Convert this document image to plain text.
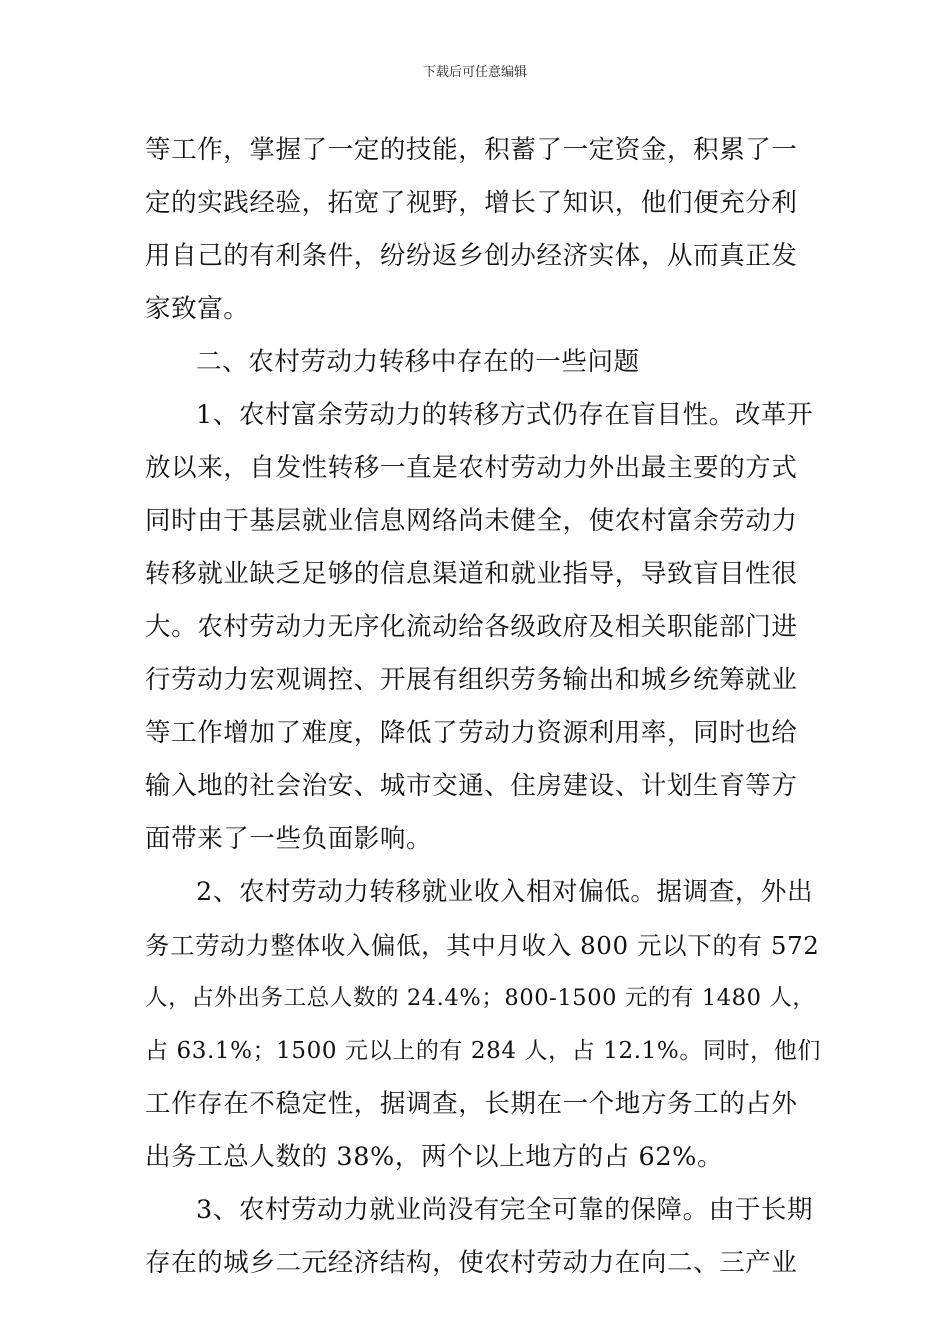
下载后可任意编辑
等工作，掌握了一定的技能，积蓄了一定资金，积累了一
定的实践经验，拓宽了视野，增长了知识，他们便充分利
用自己的有利条件，纷纷返乡创办经济实体，从而真正发
家致富。
二、农村劳动力转移中存在的一些问题
1、农村富余劳动力的转移方式仍存在盲目性。改革开
放以来，自发性转移一直是农村劳动力外出最主要的方式
同时由于基层就业信息网络尚未健全，使农村富余劳动力
转移就业缺乏足够的信息渠道和就业指导，导致盲目性很
大。农村劳动力无序化流动给各级政府及相关职能部门进
行劳动力宏观调控、开展有组织劳务输出和城乡统筹就业
等工作增加了难度，降低了劳动力资源利用率，同时也给
输入地的社会治安、城市交通、住房建设、计划生育等方
面带来了一些负面影响。
2、农村劳动力转移就业收入相对偏低。据调查，外出
务工劳动力整体收入偏低，其中月收入 800 元以下的有 572
人，占外出务工总人数的 24.4%；800-1500 元的有 1480 人，
占 63.1%；1500 元以上的有 284 人，占 12.1%。同时，他们
工作存在不稳定性，据调查，长期在一个地方务工的占外
出务工总人数的 38%，两个以上地方的占 62%。
3、农村劳动力就业尚没有完全可靠的保障。由于长期
存在的城乡二元经济结构，使农村劳动力在向二、三产业
